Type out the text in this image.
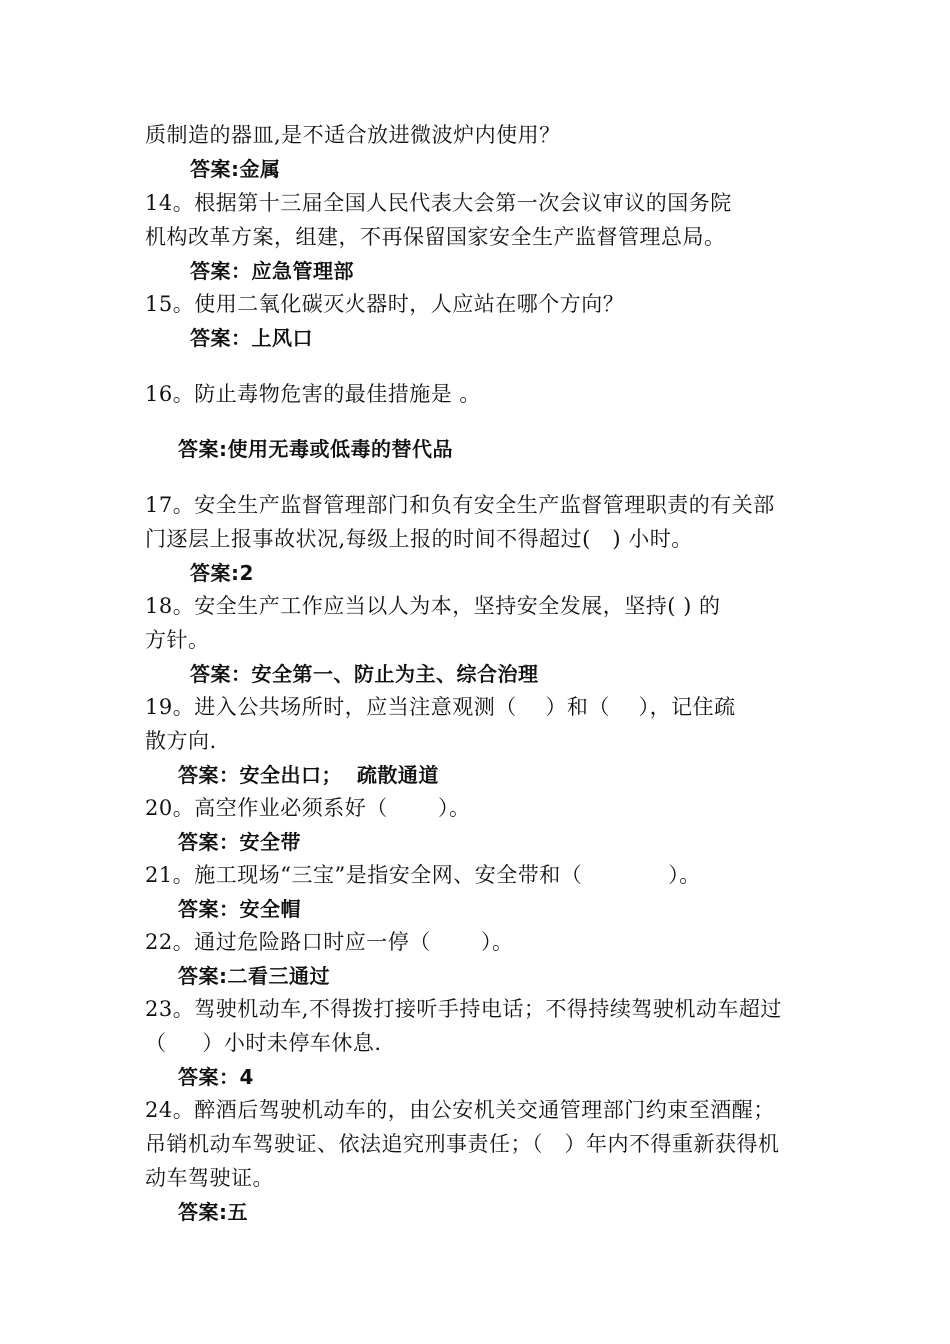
质制造的器皿,是不适合放进微波炉内使用？
答案:金属
14。根据第十三届全国人民代表大会第一次会议审议的国务院
机构改革方案，组建，不再保留国家安全生产监督管理总局。
答案：应急管理部
15。使用二氧化碳灭火器时，人应站在哪个方向？
答案：上风口
16。防止毒物危害的最佳措施是 。
答案:使用无毒或低毒的替代品
17。安全生产监督管理部门和负有安全生产监督管理职责的有关部
门逐层上报事故状况,每级上报的时间不得超过(   ) 小时。
答案:2
18。安全生产工作应当以人为本，坚持安全发展，坚持( ) 的
方针。
答案：安全第一、防止为主、综合治理
19。进入公共场所时，应当注意观测（    ）和（    ），记住疏
散方向.
答案：安全出口；  疏散通道
20。高空作业必须系好（       ）。
答案：安全带
21。施工现场“三宝”是指安全网、安全带和（            ）。
答案：安全帽
22。通过危险路口时应一停（       ）。
答案:二看三通过
23。驾驶机动车,不得拨打接听手持电话；不得持续驾驶机动车超过
（     ）小时未停车休息.
答案：4
24。醉酒后驾驶机动车的，由公安机关交通管理部门约束至酒醒；
吊销机动车驾驶证、依法追究刑事责任；（   ）年内不得重新获得机
动车驾驶证。
答案:五
